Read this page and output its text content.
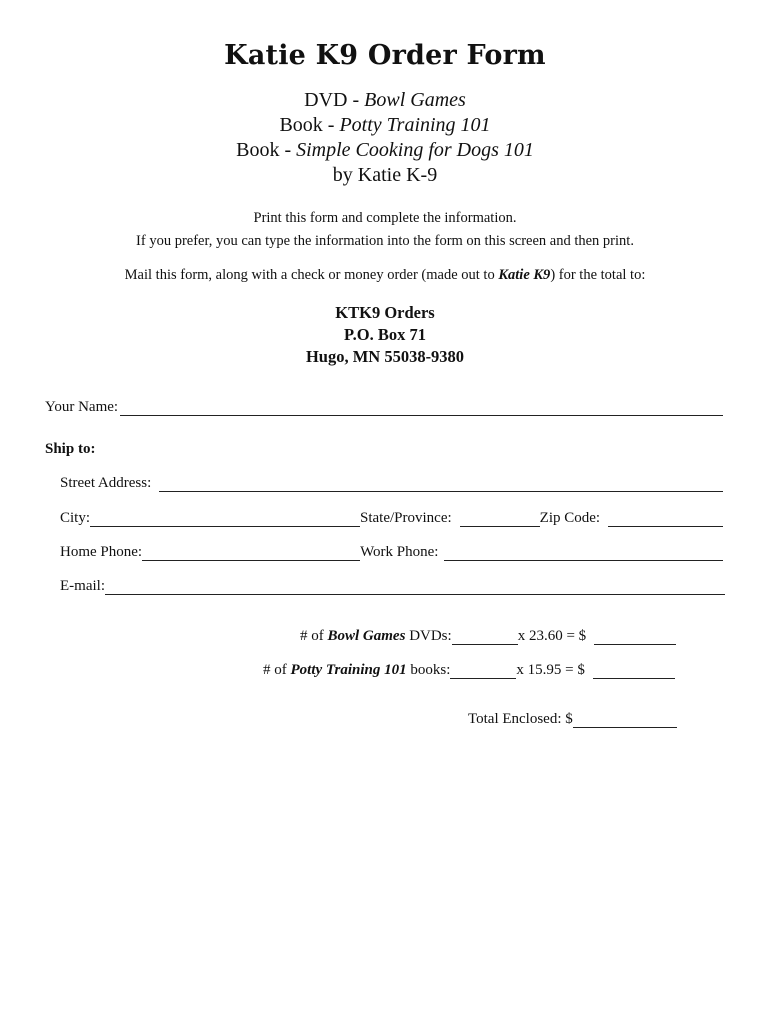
Katie K9 Order Form
DVD - Bowl Games
Book - Potty Training 101
Book - Simple Cooking for Dogs 101
by Katie K-9
Print this form and complete the information.
If you prefer, you can type the information into the form on this screen and then print.
Mail this form, along with a check or money order (made out to Katie K9) for the total to:
KTK9 Orders
P.O. Box 71
Hugo, MN 55038-9380
Your Name:
Ship to:
Street Address:
City:	State/Province:	Zip Code:
Home Phone:	Work Phone:
E-mail:
# of Bowl Games DVDs:	x 23.60 = $
# of Potty Training 101 books:	x 15.95 = $
Total Enclosed: $
